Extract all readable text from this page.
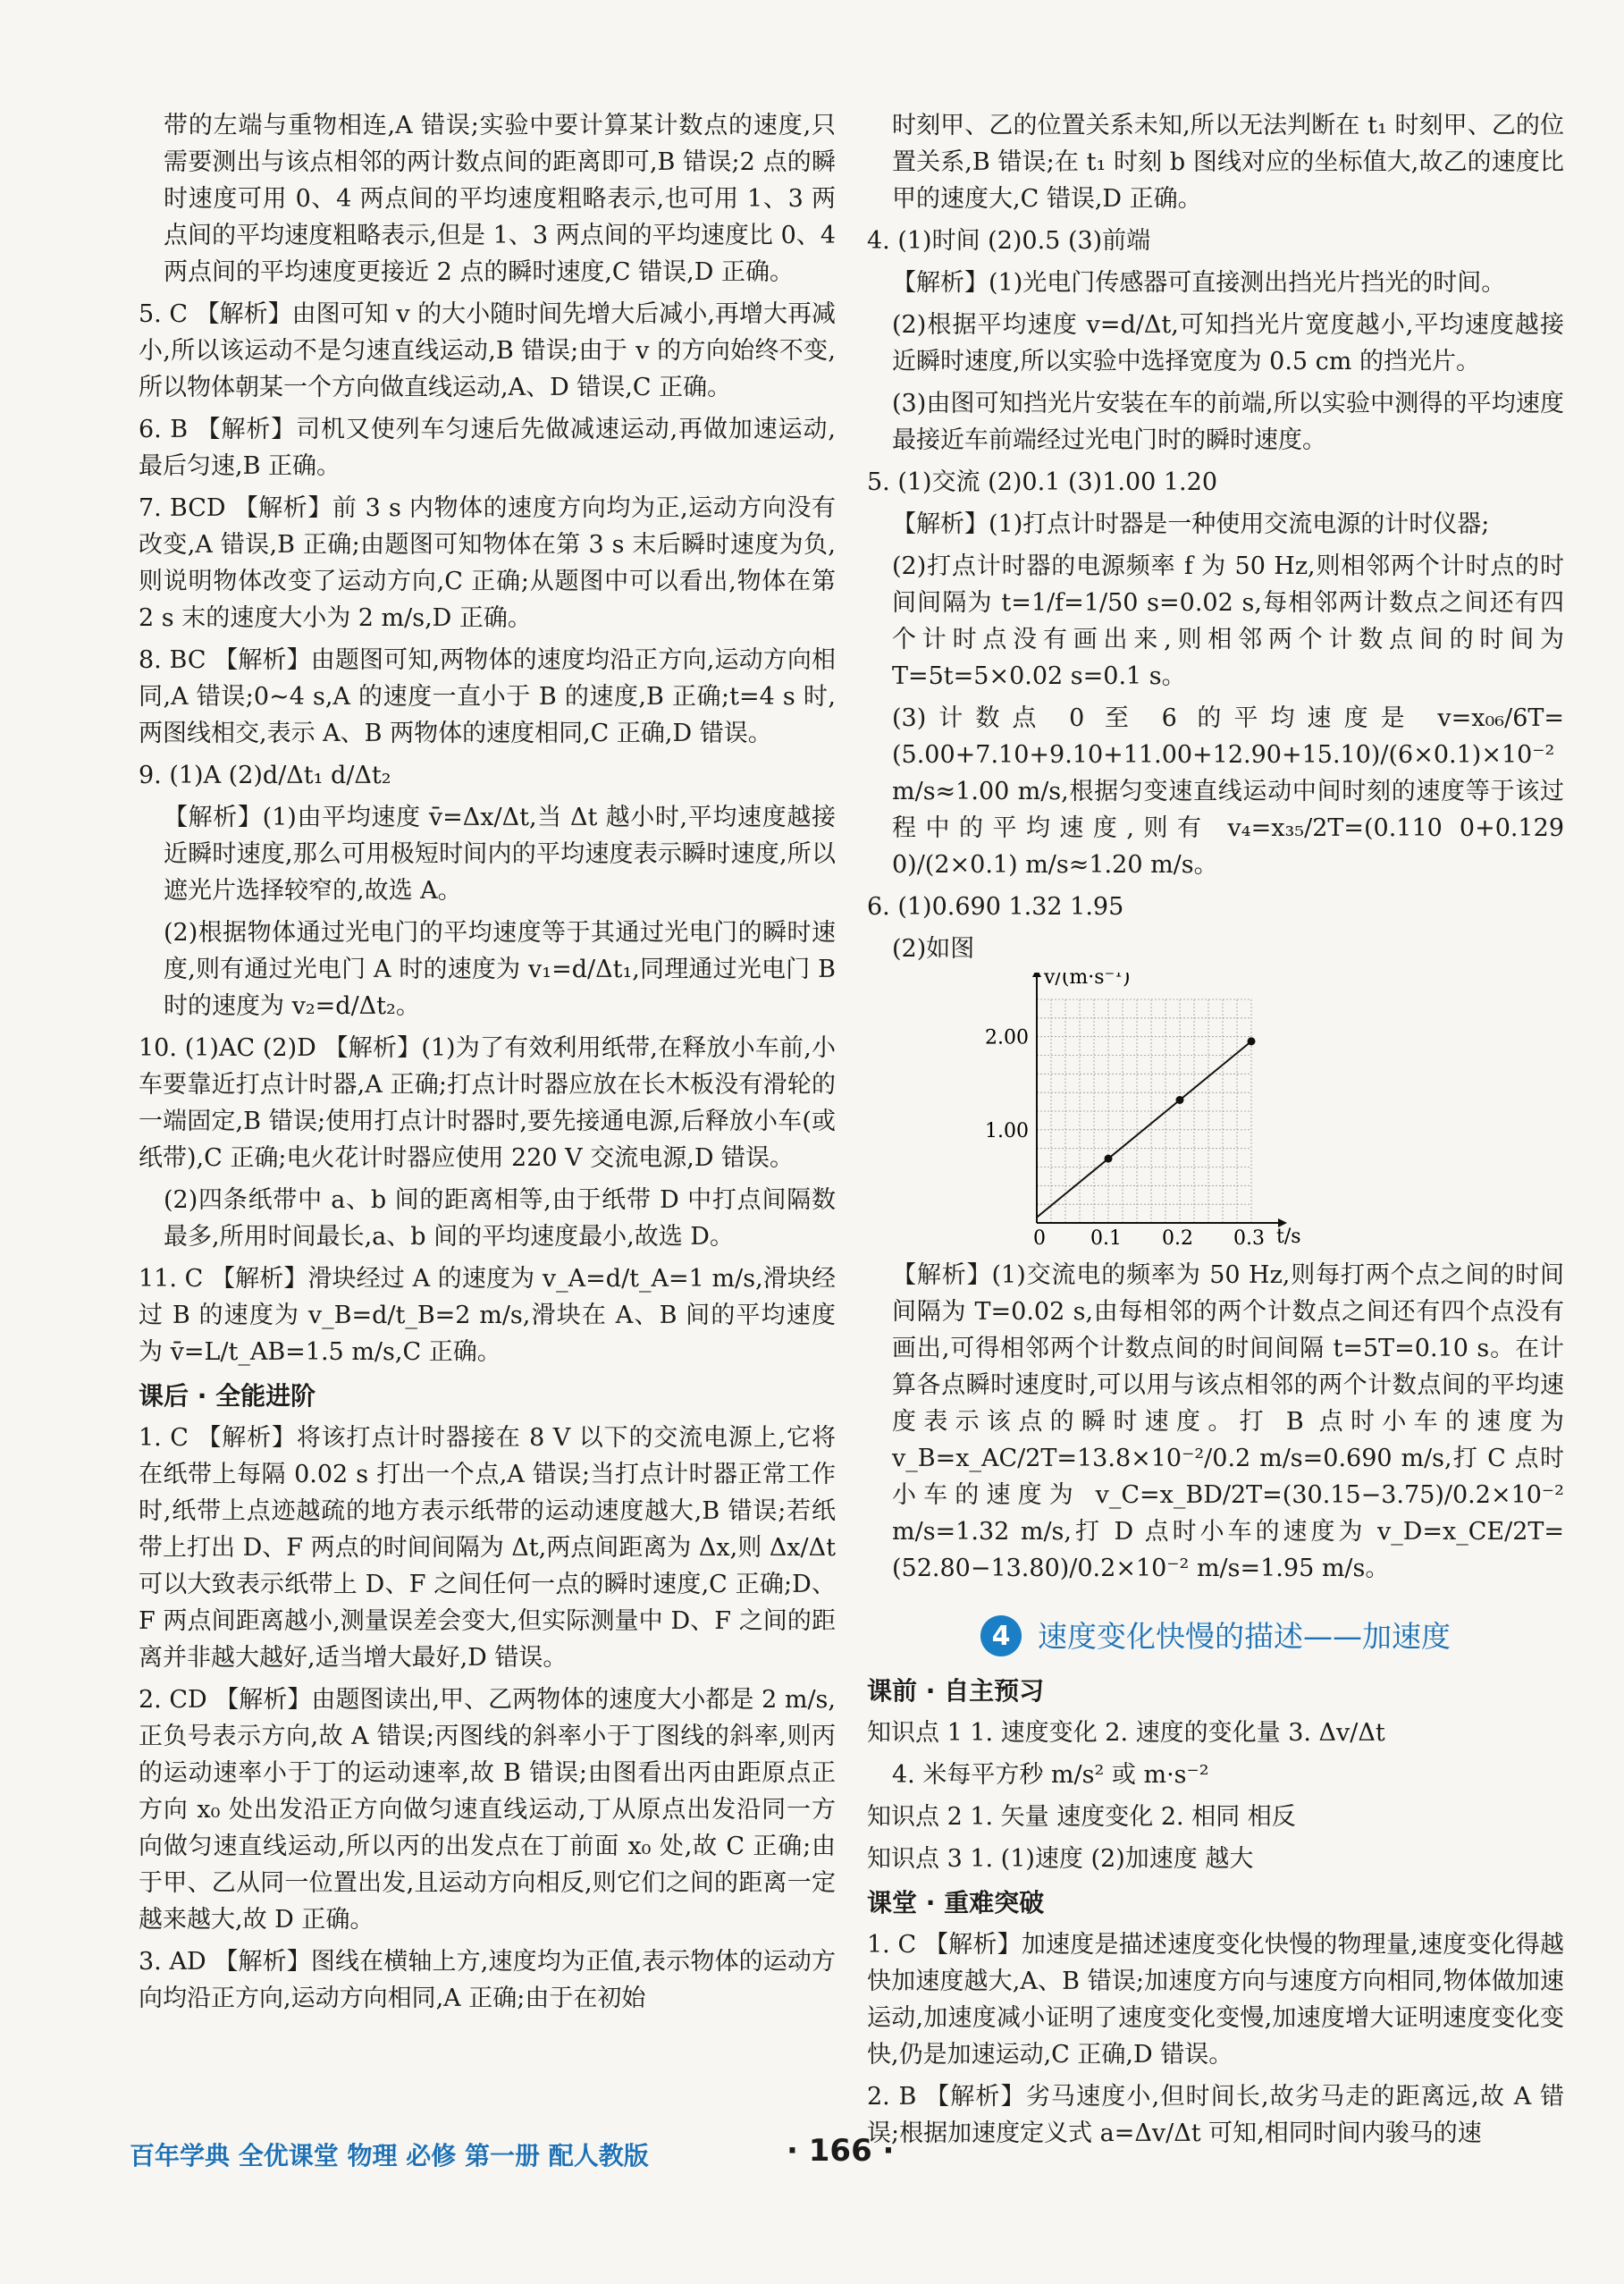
带的左端与重物相连,A 错误;实验中要计算某计数点的速度,只需要测出与该点相邻的两计数点间的距离即可,B 错误;2 点的瞬时速度可用 0、4 两点间的平均速度粗略表示,也可用 1、3 两点间的平均速度粗略表示,但是 1、3 两点间的平均速度比 0、4 两点间的平均速度更接近 2 点的瞬时速度,C 错误,D 正确。
5. C 【解析】由图可知 v 的大小随时间先增大后减小,再增大再减小,所以该运动不是匀速直线运动,B 错误;由于 v 的方向始终不变,所以物体朝某一个方向做直线运动,A、D 错误,C 正确。
6. B 【解析】司机又使列车匀速后先做减速运动,再做加速运动,最后匀速,B 正确。
7. BCD 【解析】前 3 s 内物体的速度方向均为正,运动方向没有改变,A 错误,B 正确;由题图可知物体在第 3 s 末后瞬时速度为负,则说明物体改变了运动方向,C 正确;从题图中可以看出,物体在第 2 s 末的速度大小为 2 m/s,D 正确。
8. BC 【解析】由题图可知,两物体的速度均沿正方向,运动方向相同,A 错误;0~4 s,A 的速度一直小于 B 的速度,B 正确;t=4 s 时,两图线相交,表示 A、B 两物体的速度相同,C 正确,D 错误。
9. (1)A (2)d/Δt₁ d/Δt₂
【解析】(1)由平均速度 v̄=Δx/Δt,当 Δt 越小时,平均速度越接近瞬时速度,那么可用极短时间内的平均速度表示瞬时速度,所以遮光片选择较窄的,故选 A。
(2)根据物体通过光电门的平均速度等于其通过光电门的瞬时速度,则有通过光电门 A 时的速度为 v₁=d/Δt₁,同理通过光电门 B 时的速度为 v₂=d/Δt₂。
10. (1)AC (2)D 【解析】(1)为了有效利用纸带,在释放小车前,小车要靠近打点计时器,A 正确;打点计时器应放在长木板没有滑轮的一端固定,B 错误;使用打点计时器时,要先接通电源,后释放小车(或纸带),C 正确;电火花计时器应使用 220 V 交流电源,D 错误。
(2)四条纸带中 a、b 间的距离相等,由于纸带 D 中打点间隔数最多,所用时间最长,a、b 间的平均速度最小,故选 D。
11. C 【解析】滑块经过 A 的速度为 v_A=d/t_A=1 m/s,滑块经过 B 的速度为 v_B=d/t_B=2 m/s,滑块在 A、B 间的平均速度为 v̄=L/t_AB=1.5 m/s,C 正确。
课后 · 全能进阶
1. C 【解析】将该打点计时器接在 8 V 以下的交流电源上,它将在纸带上每隔 0.02 s 打出一个点,A 错误;当打点计时器正常工作时,纸带上点迹越疏的地方表示纸带的运动速度越大,B 错误;若纸带上打出 D、F 两点的时间间隔为 Δt,两点间距离为 Δx,则 Δx/Δt 可以大致表示纸带上 D、F 之间任何一点的瞬时速度,C 正确;D、F 两点间距离越小,测量误差会变大,但实际测量中 D、F 之间的距离并非越大越好,适当增大最好,D 错误。
2. CD 【解析】由题图读出,甲、乙两物体的速度大小都是 2 m/s,正负号表示方向,故 A 错误;丙图线的斜率小于丁图线的斜率,则丙的运动速率小于丁的运动速率,故 B 错误;由图看出丙由距原点正方向 x₀ 处出发沿正方向做匀速直线运动,丁从原点出发沿同一方向做匀速直线运动,所以丙的出发点在丁前面 x₀ 处,故 C 正确;由于甲、乙从同一位置出发,且运动方向相反,则它们之间的距离一定越来越大,故 D 正确。
3. AD 【解析】图线在横轴上方,速度均为正值,表示物体的运动方向均沿正方向,运动方向相同,A 正确;由于在初始
时刻甲、乙的位置关系未知,所以无法判断在 t₁ 时刻甲、乙的位置关系,B 错误;在 t₁ 时刻 b 图线对应的坐标值大,故乙的速度比甲的速度大,C 错误,D 正确。
4. (1)时间 (2)0.5 (3)前端
【解析】(1)光电门传感器可直接测出挡光片挡光的时间。
(2)根据平均速度 v=d/Δt,可知挡光片宽度越小,平均速度越接近瞬时速度,所以实验中选择宽度为 0.5 cm 的挡光片。
(3)由图可知挡光片安装在车的前端,所以实验中测得的平均速度最接近车前端经过光电门时的瞬时速度。
5. (1)交流 (2)0.1 (3)1.00 1.20
【解析】(1)打点计时器是一种使用交流电源的计时仪器;
(2)打点计时器的电源频率 f 为 50 Hz,则相邻两个计时点的时间间隔为 t=1/f=1/50 s=0.02 s,每相邻两计数点之间还有四个计时点没有画出来,则相邻两个计数点间的时间为 T=5t=5×0.02 s=0.1 s。
(3)计数点 0 至 6 的平均速度是 v=x₀₆/6T=(5.00+7.10+9.10+11.00+12.90+15.10)/(6×0.1)×10⁻² m/s≈1.00 m/s,根据匀变速直线运动中间时刻的速度等于该过程中的平均速度,则有 v₄=x₃₅/2T=(0.110 0+0.129 0)/(2×0.1) m/s≈1.20 m/s。
6. (1)0.690 1.32 1.95
(2)如图
v/(m·s⁻¹)
t/s
0 0.1 0.2 0.3
1.00
2.00
【解析】(1)交流电的频率为 50 Hz,则每打两个点之间的时间间隔为 T=0.02 s,由每相邻的两个计数点之间还有四个点没有画出,可得相邻两个计数点间的时间间隔 t=5T=0.10 s。在计算各点瞬时速度时,可以用与该点相邻的两个计数点间的平均速度表示该点的瞬时速度。打 B 点时小车的速度为 v_B=x_AC/2T=13.8×10⁻²/0.2 m/s=0.690 m/s,打 C 点时小车的速度为 v_C=x_BD/2T=(30.15−3.75)/0.2×10⁻² m/s=1.32 m/s,打 D 点时小车的速度为 v_D=x_CE/2T=(52.80−13.80)/0.2×10⁻² m/s=1.95 m/s。
4 速度变化快慢的描述——加速度
课前 · 自主预习
知识点 1 1. 速度变化 2. 速度的变化量 3. Δv/Δt
4. 米每平方秒 m/s² 或 m·s⁻²
知识点 2 1. 矢量 速度变化 2. 相同 相反
知识点 3 1. (1)速度 (2)加速度 越大
课堂 · 重难突破
1. C 【解析】加速度是描述速度变化快慢的物理量,速度变化得越快加速度越大,A、B 错误;加速度方向与速度方向相同,物体做加速运动,加速度减小证明了速度变化变慢,加速度增大证明速度变化变快,仍是加速运动,C 正确,D 错误。
2. B 【解析】劣马速度小,但时间长,故劣马走的距离远,故 A 错误;根据加速度定义式 a=Δv/Δt 可知,相同时间内骏马的速
百年学典 全优课堂 物理 必修 第一册 配人教版	· 166 ·
